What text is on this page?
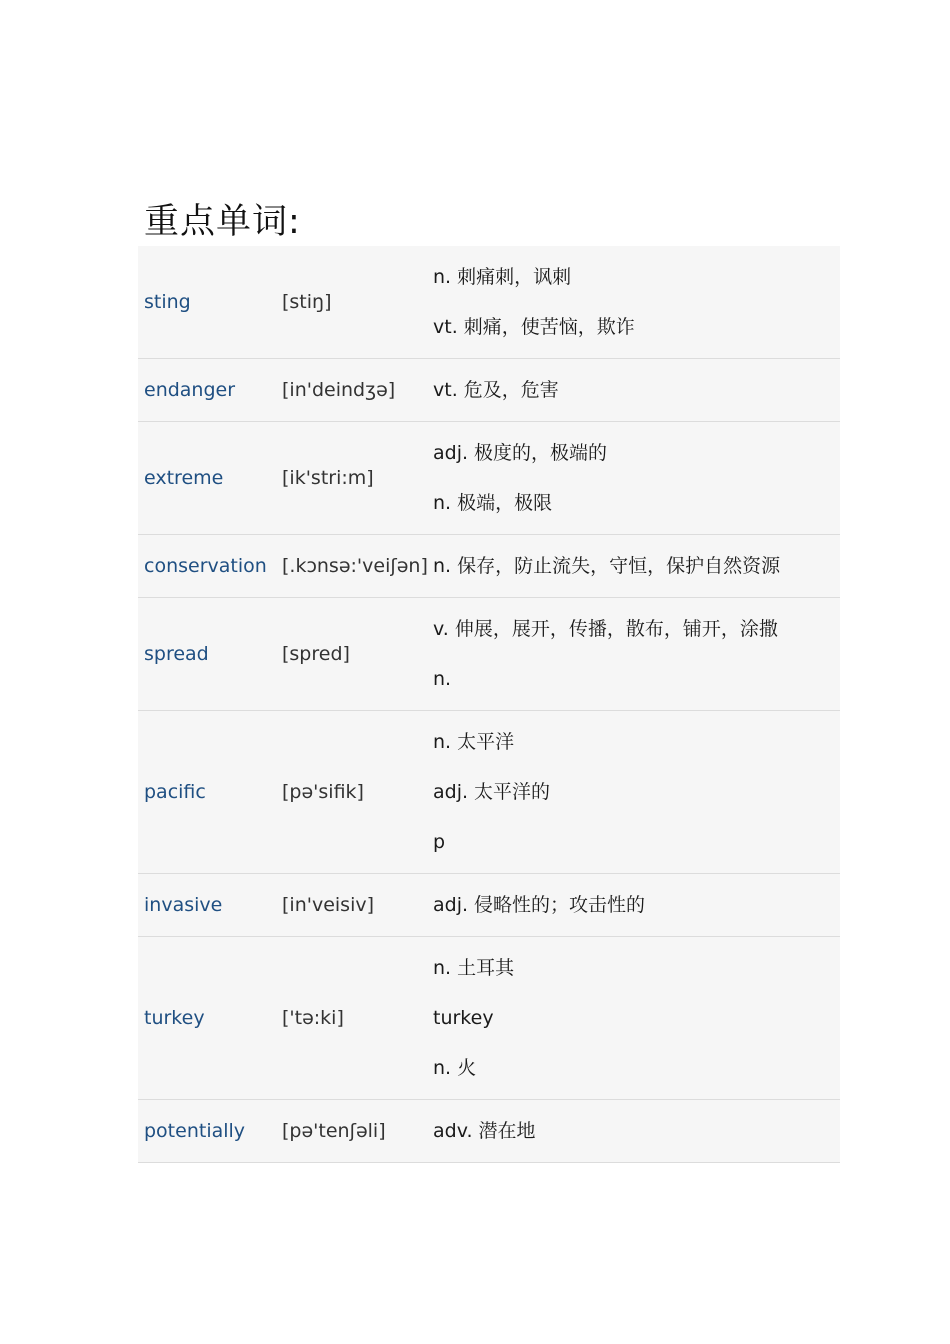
重点单词:
sting	[stiŋ]
n. 刺痛刺，讽刺
vt. 刺痛，使苦恼，欺诈
endanger	[in'deindʒə]	vt. 危及，危害
extreme	[ik'stri:m]
adj. 极度的，极端的
n. 极端，极限
conservation [.kɔnsə:'veiʃən] n. 保存，防止流失，守恒，保护自然资源
spread	[spred]
v. 伸展，展开，传播，散布，铺开，涂撒
n.
pacific	[pə'sifik]
n. 太平洋
adj. 太平洋的
p
invasive	[in'veisiv]	adj. 侵略性的；攻击性的
turkey	['tə:ki]
n. 土耳其
turkey
n. 火
potentially	[pə'tenʃəli]	adv. 潜在地
